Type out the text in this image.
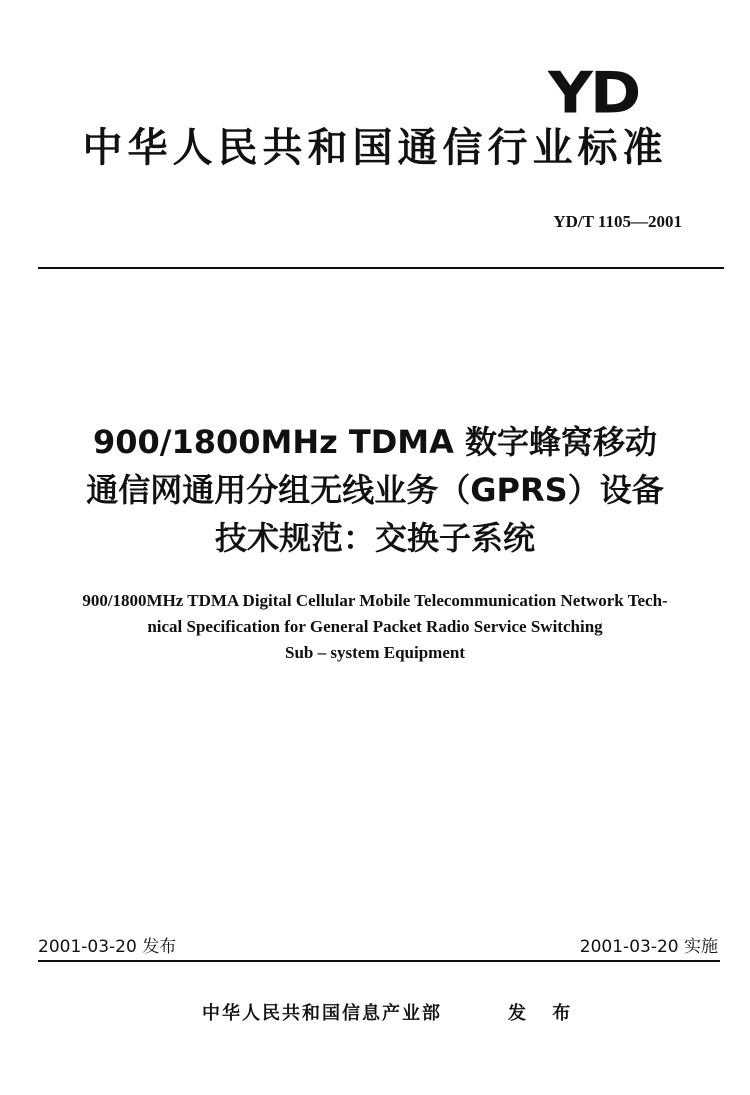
YD
中华人民共和国通信行业标准
YD/T 1105—2001
900/1800MHz TDMA 数字蜂窝移动
通信网通用分组无线业务（GPRS）设备
技术规范：交换子系统
900/1800MHz TDMA Digital Cellular Mobile Telecommunication Network Tech-
nical Specification for General Packet Radio Service Switching
Sub – system Equipment
2001-03-20 发布	2001-03-20 实施
中华人民共和国信息产业部	发 布
